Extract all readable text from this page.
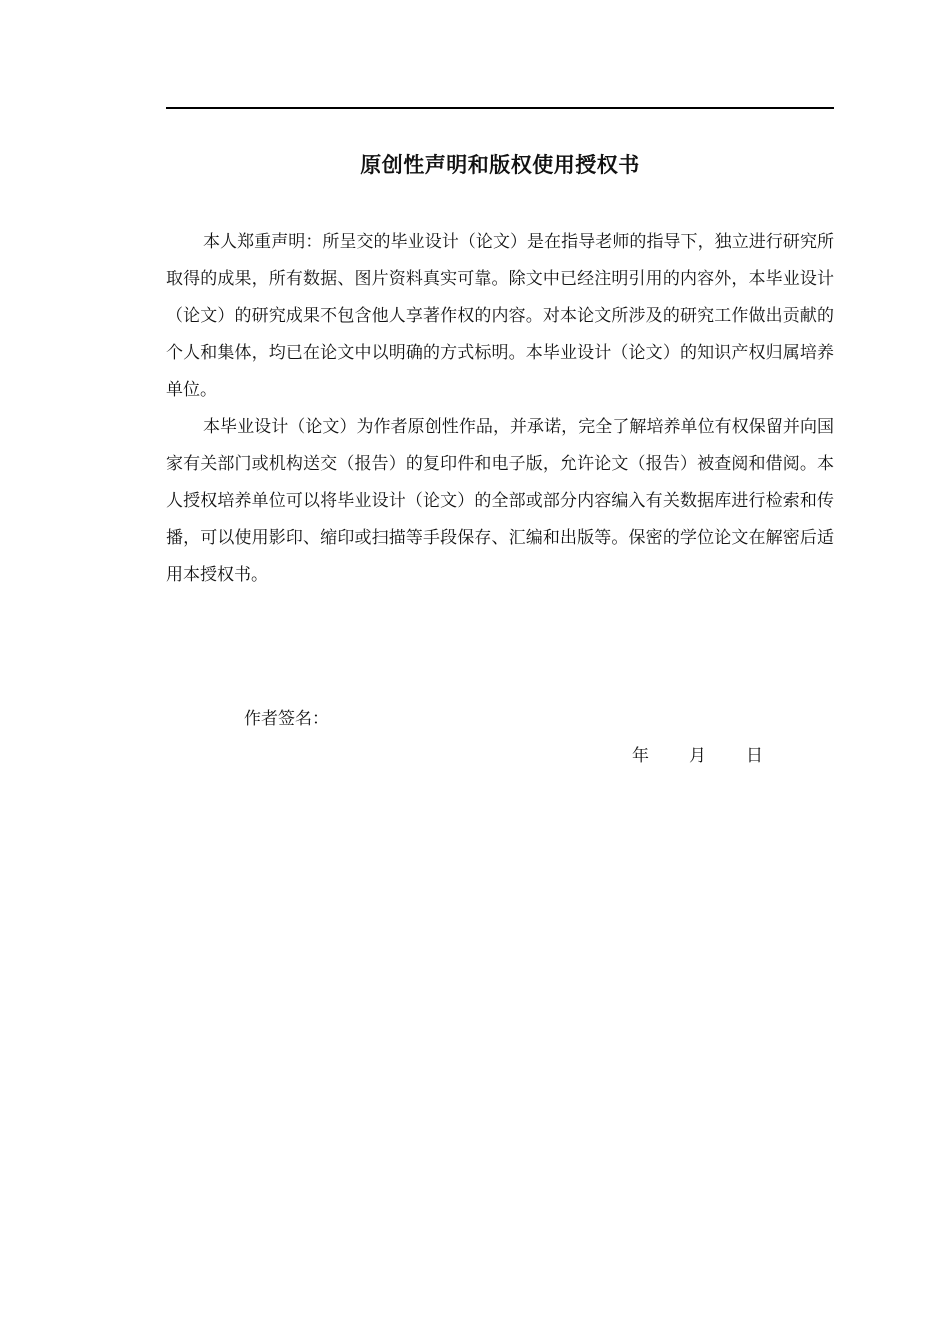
原创性声明和版权使用授权书

本人郑重声明：所呈交的毕业设计（论文）是在指导老师的指导下，独立进行研究所取得的成果，所有数据、图片资料真实可靠。除文中已经注明引用的内容外，本毕业设计（论文）的研究成果不包含他人享著作权的内容。对本论文所涉及的研究工作做出贡献的个人和集体，均已在论文中以明确的方式标明。本毕业设计（论文）的知识产权归属培养单位。

本毕业设计（论文）为作者原创性作品，并承诺，完全了解培养单位有权保留并向国家有关部门或机构送交（报告）的复印件和电子版，允许论文（报告）被查阅和借阅。本人授权培养单位可以将毕业设计（论文）的全部或部分内容编入有关数据库进行检索和传播，可以使用影印、缩印或扫描等手段保存、汇编和出版等。保密的学位论文在解密后适用本授权书。

作者签名：
年 月 日
